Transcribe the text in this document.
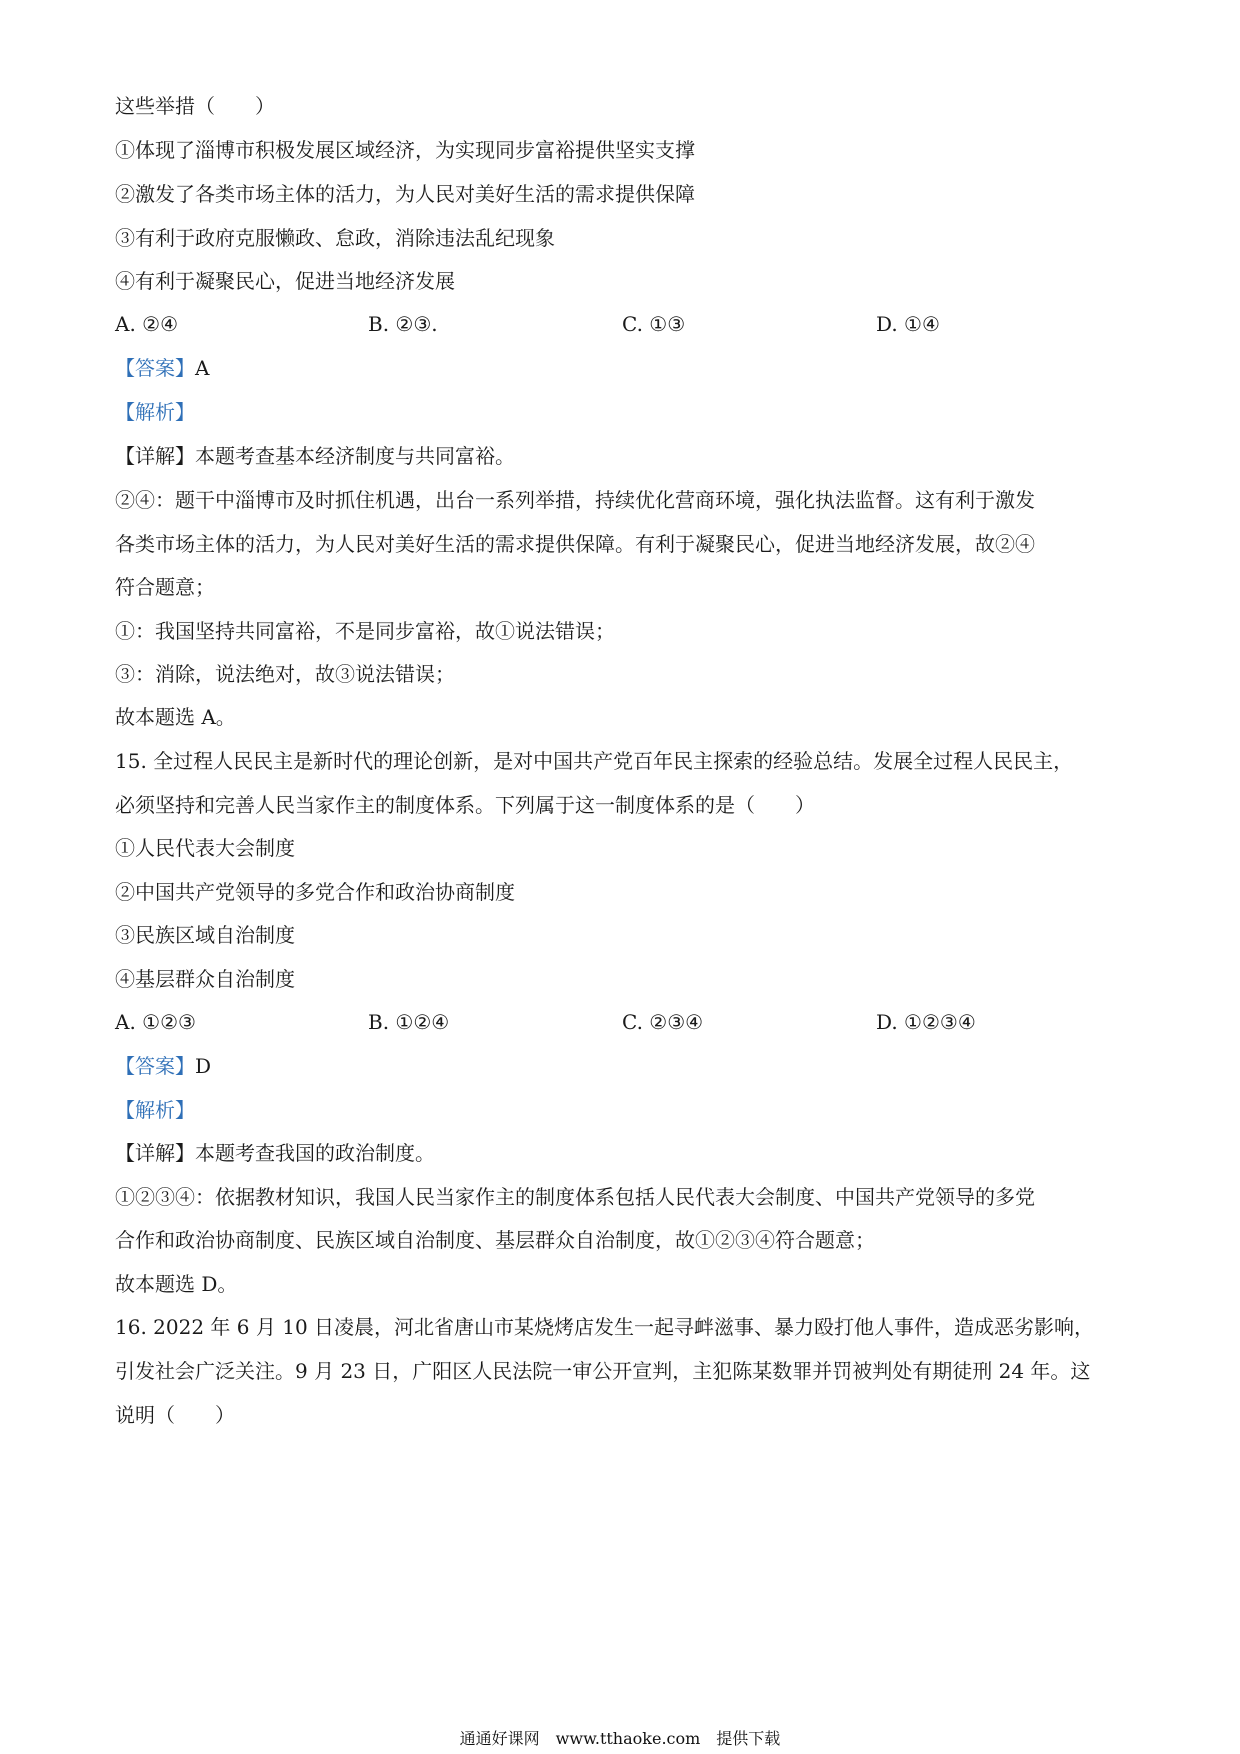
这些举措（　　）
①体现了淄博市积极发展区域经济，为实现同步富裕提供坚实支撑
②激发了各类市场主体的活力，为人民对美好生活的需求提供保障
③有利于政府克服懒政、怠政，消除违法乱纪现象
④有利于凝聚民心，促进当地经济发展
A. ②④	B. ②③.	C. ①③	D. ①④
【答案】A
【解析】
【详解】本题考查基本经济制度与共同富裕。
②④：题干中淄博市及时抓住机遇，出台一系列举措，持续优化营商环境，强化执法监督。这有利于激发
各类市场主体的活力，为人民对美好生活的需求提供保障。有利于凝聚民心，促进当地经济发展，故②④
符合题意；
①：我国坚持共同富裕，不是同步富裕，故①说法错误；
③：消除，说法绝对，故③说法错误；
故本题选 A。
15. 全过程人民民主是新时代的理论创新，是对中国共产党百年民主探索的经验总结。发展全过程人民民主，
必须坚持和完善人民当家作主的制度体系。下列属于这一制度体系的是（　　）
①人民代表大会制度
②中国共产党领导的多党合作和政治协商制度
③民族区域自治制度
④基层群众自治制度
A. ①②③	B. ①②④	C. ②③④	D. ①②③④
【答案】D
【解析】
【详解】本题考查我国的政治制度。
①②③④：依据教材知识，我国人民当家作主的制度体系包括人民代表大会制度、中国共产党领导的多党
合作和政治协商制度、民族区域自治制度、基层群众自治制度，故①②③④符合题意；
故本题选 D。
16. 2022 年 6 月 10 日凌晨，河北省唐山市某烧烤店发生一起寻衅滋事、暴力殴打他人事件，造成恶劣影响，
引发社会广泛关注。9 月 23 日，广阳区人民法院一审公开宣判，主犯陈某数罪并罚被判处有期徒刑 24 年。这
说明（　　）
通通好课网　www.tthaoke.com　提供下载
